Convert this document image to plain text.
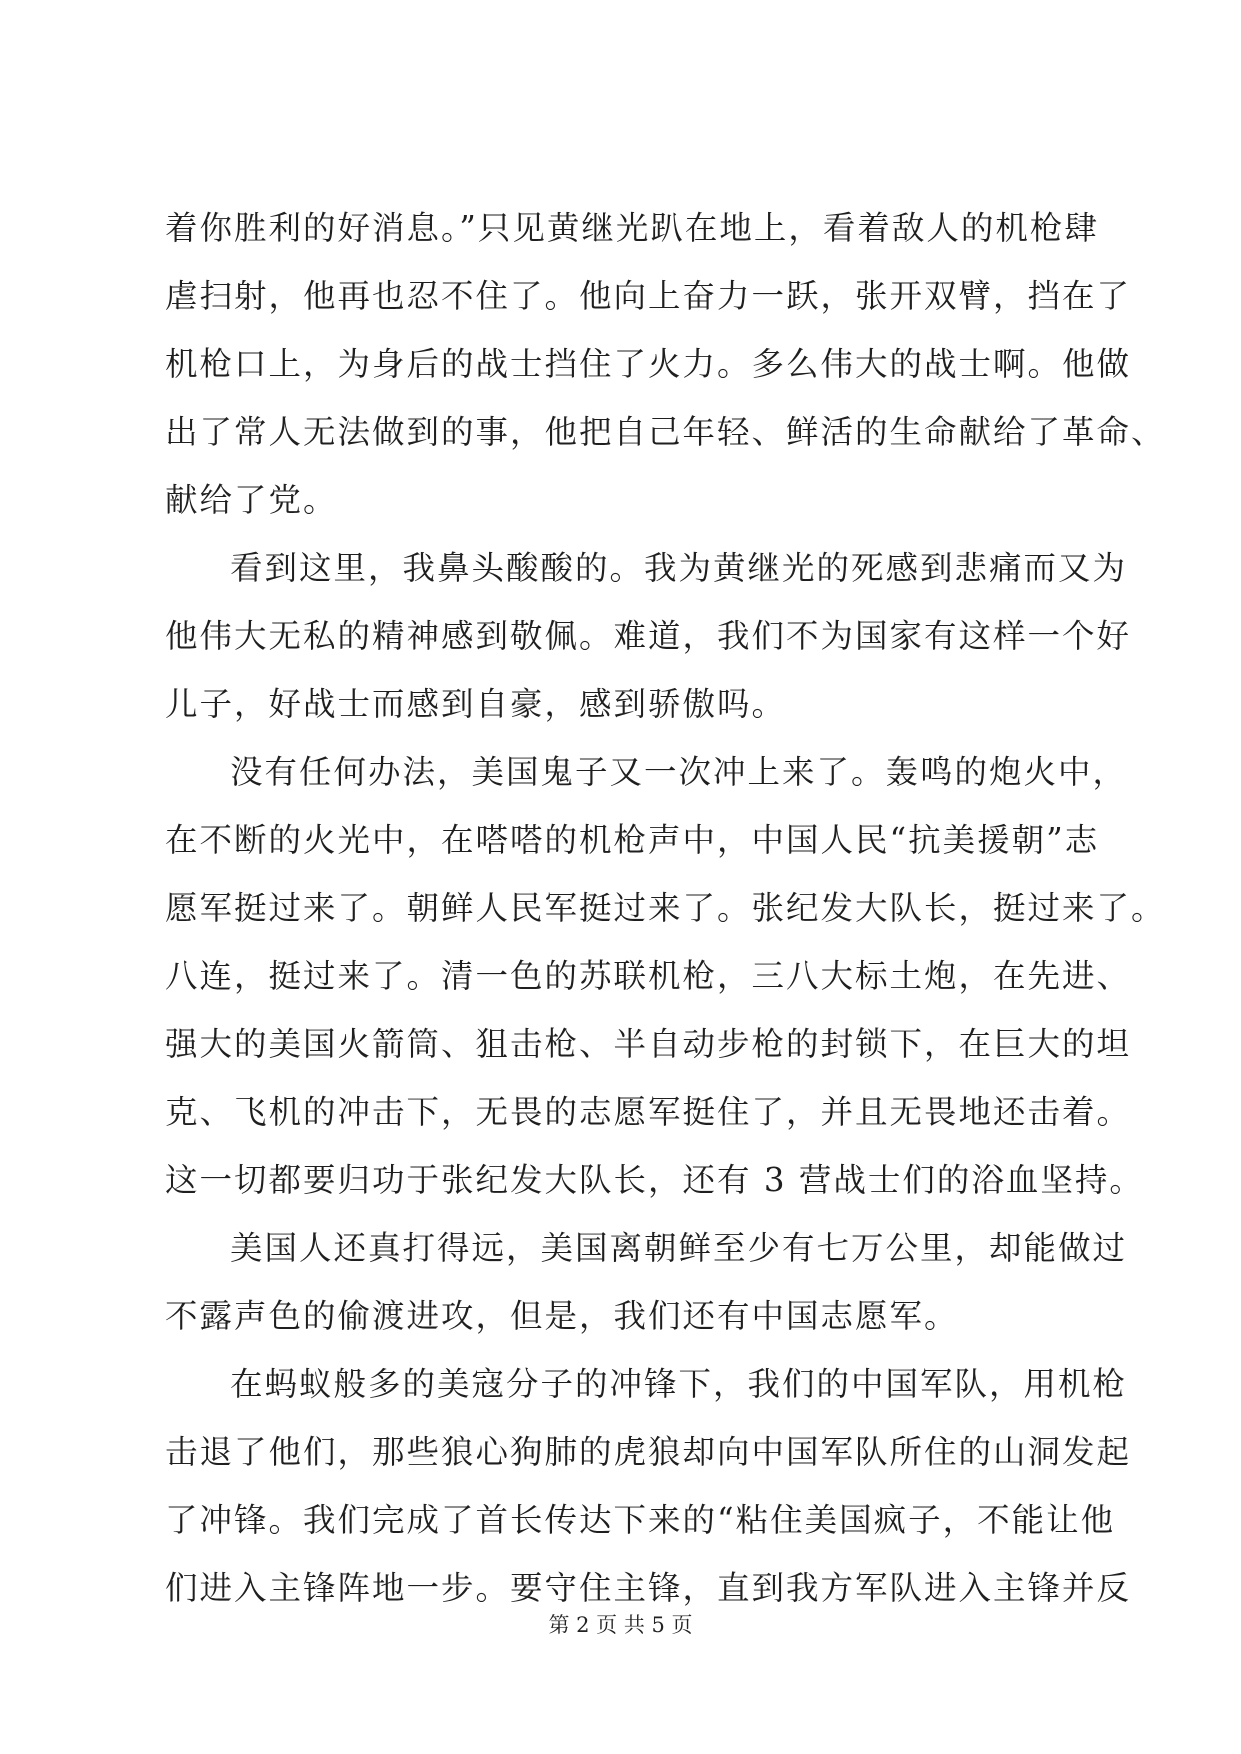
着你胜利的好消息。”只见黄继光趴在地上，看着敌人的机枪肆
虐扫射，他再也忍不住了。他向上奋力一跃，张开双臂，挡在了
机枪口上，为身后的战士挡住了火力。多么伟大的战士啊。他做
出了常人无法做到的事，他把自己年轻、鲜活的生命献给了革命、
献给了党。
看到这里，我鼻头酸酸的。我为黄继光的死感到悲痛而又为
他伟大无私的精神感到敬佩。难道，我们不为国家有这样一个好
儿子，好战士而感到自豪，感到骄傲吗。
没有任何办法，美国鬼子又一次冲上来了。轰鸣的炮火中，
在不断的火光中，在嗒嗒的机枪声中，中国人民“抗美援朝”志
愿军挺过来了。朝鲜人民军挺过来了。张纪发大队长，挺过来了。
八连，挺过来了。清一色的苏联机枪，三八大标土炮，在先进、
强大的美国火箭筒、狙击枪、半自动步枪的封锁下，在巨大的坦
克、飞机的冲击下，无畏的志愿军挺住了，并且无畏地还击着。
这一切都要归功于张纪发大队长，还有 3 营战士们的浴血坚持。
美国人还真打得远，美国离朝鲜至少有七万公里，却能做过
不露声色的偷渡进攻，但是，我们还有中国志愿军。
在蚂蚁般多的美寇分子的冲锋下，我们的中国军队，用机枪
击退了他们，那些狼心狗肺的虎狼却向中国军队所住的山洞发起
了冲锋。我们完成了首长传达下来的“粘住美国疯子，不能让他
们进入主锋阵地一步。要守住主锋，直到我方军队进入主锋并反
第 2 页 共 5 页
